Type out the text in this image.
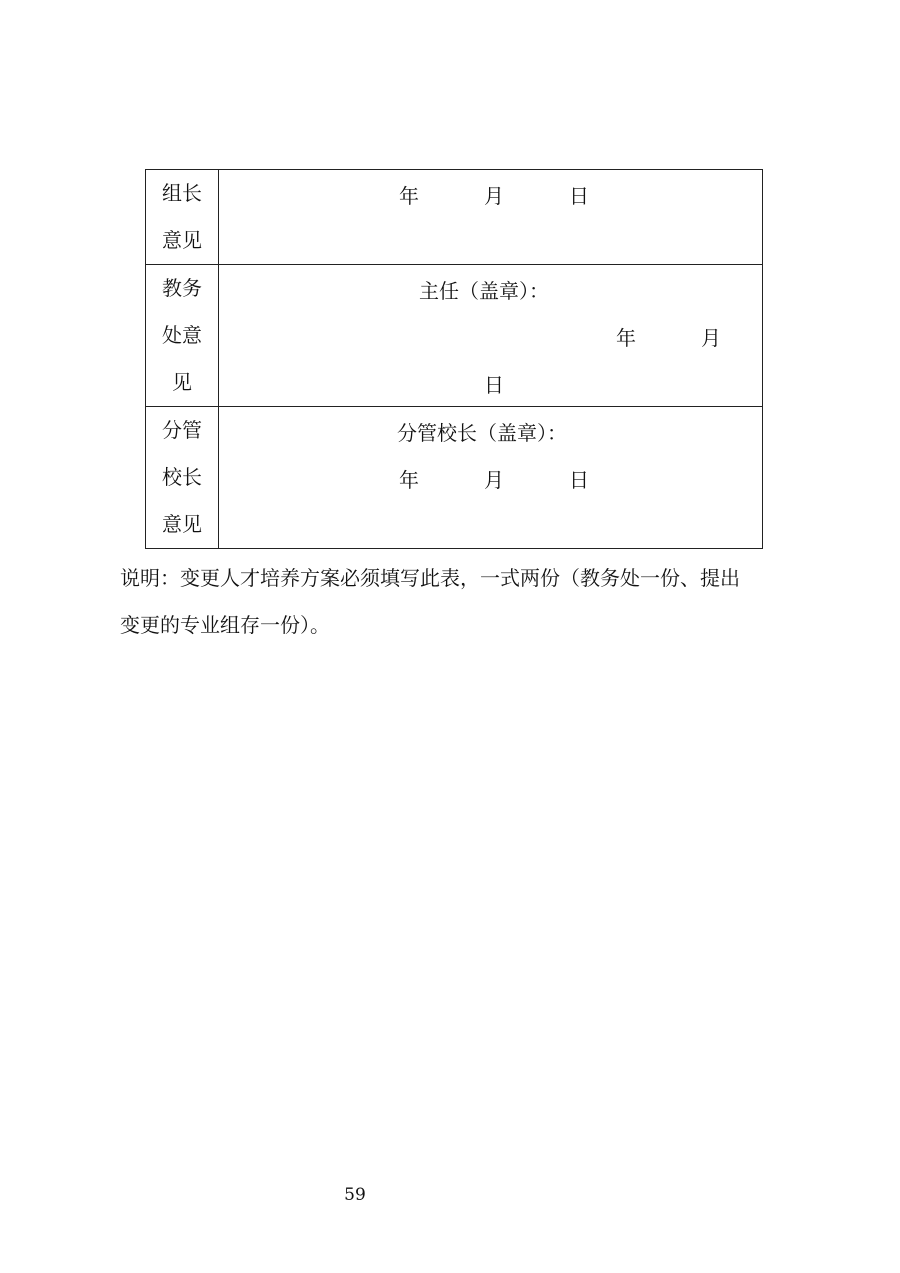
组长
意见	年 月 日

教务
处意
见	主任（盖章）：
年 月
日

分管
校长
意见	分管校长（盖章）：
年 月 日
说明：变更人才培养方案必须填写此表，一式两份（教务处一份、提出
变更的专业组存一份）。
59
